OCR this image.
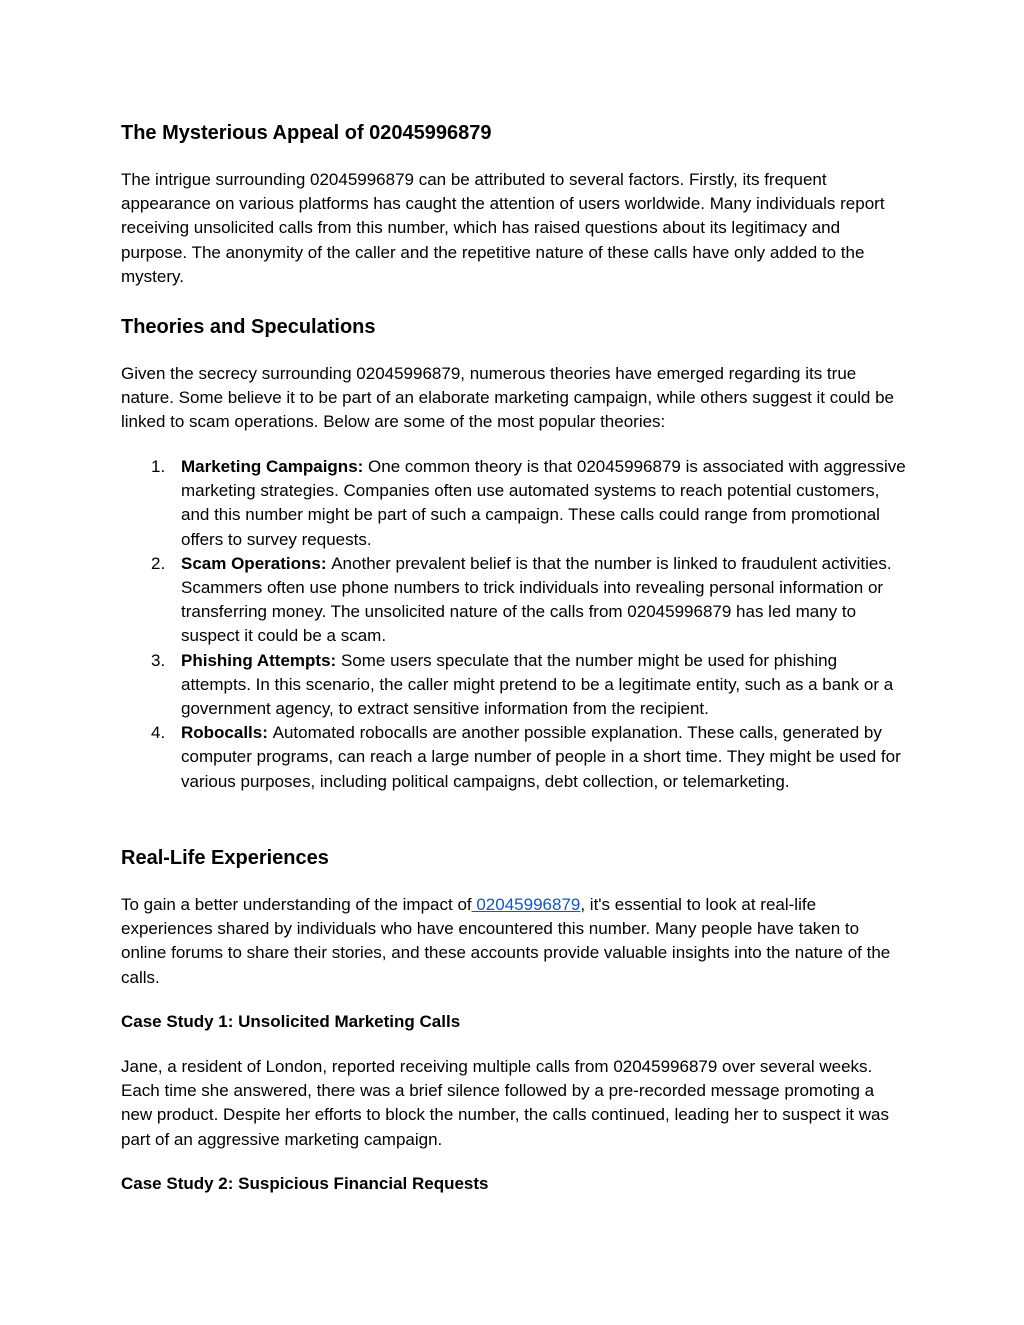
The Mysterious Appeal of 02045996879

The intrigue surrounding 02045996879 can be attributed to several factors. Firstly, its frequent appearance on various platforms has caught the attention of users worldwide. Many individuals report receiving unsolicited calls from this number, which has raised questions about its legitimacy and purpose. The anonymity of the caller and the repetitive nature of these calls have only added to the mystery.

Theories and Speculations

Given the secrecy surrounding 02045996879, numerous theories have emerged regarding its true nature. Some believe it to be part of an elaborate marketing campaign, while others suggest it could be linked to scam operations. Below are some of the most popular theories:

1. Marketing Campaigns: One common theory is that 02045996879 is associated with aggressive marketing strategies. Companies often use automated systems to reach potential customers, and this number might be part of such a campaign. These calls could range from promotional offers to survey requests.
2. Scam Operations: Another prevalent belief is that the number is linked to fraudulent activities. Scammers often use phone numbers to trick individuals into revealing personal information or transferring money. The unsolicited nature of the calls from 02045996879 has led many to suspect it could be a scam.
3. Phishing Attempts: Some users speculate that the number might be used for phishing attempts. In this scenario, the caller might pretend to be a legitimate entity, such as a bank or a government agency, to extract sensitive information from the recipient.
4. Robocalls: Automated robocalls are another possible explanation. These calls, generated by computer programs, can reach a large number of people in a short time. They might be used for various purposes, including political campaigns, debt collection, or telemarketing.
Real-Life Experiences

To gain a better understanding of the impact of 02045996879, it's essential to look at real-life experiences shared by individuals who have encountered this number. Many people have taken to online forums to share their stories, and these accounts provide valuable insights into the nature of the calls.

Case Study 1: Unsolicited Marketing Calls

Jane, a resident of London, reported receiving multiple calls from 02045996879 over several weeks. Each time she answered, there was a brief silence followed by a pre-recorded message promoting a new product. Despite her efforts to block the number, the calls continued, leading her to suspect it was part of an aggressive marketing campaign.

Case Study 2: Suspicious Financial Requests
